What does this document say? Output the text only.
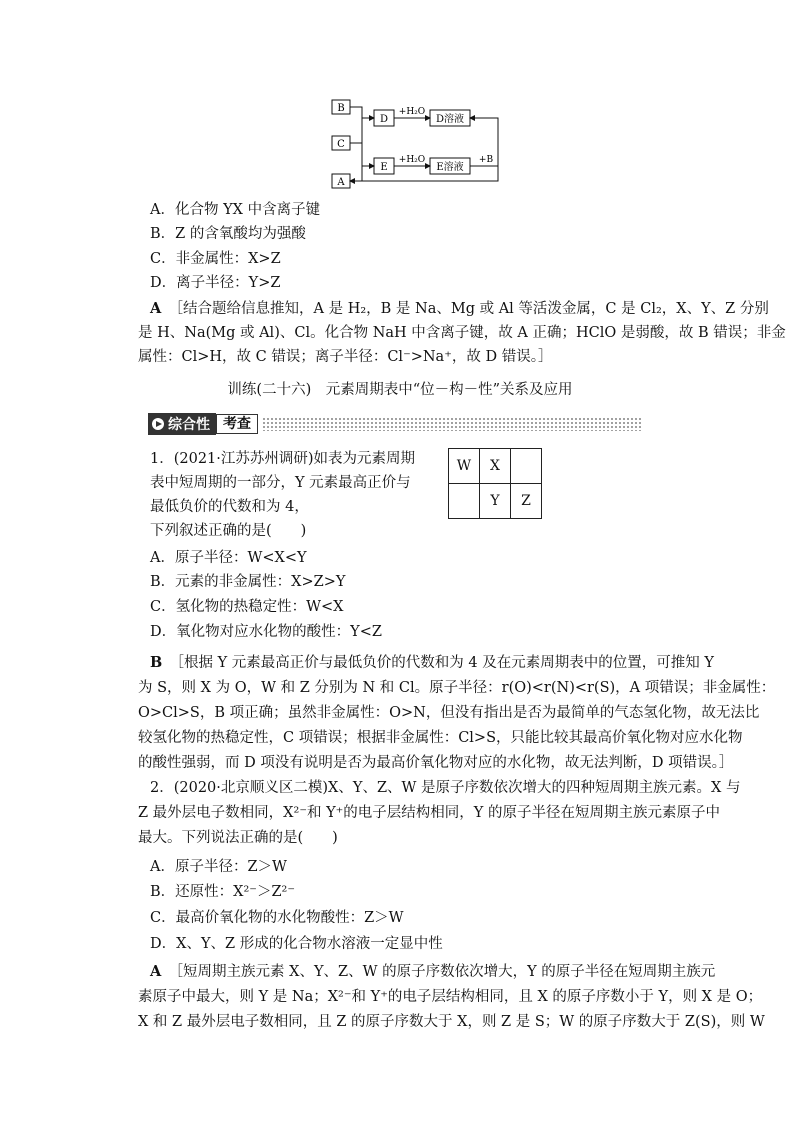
B
C
A
D
E
D溶液
E溶液
+H₂O
+H₂O	+B
A．化合物 YX 中含离子键
B．Z 的含氧酸均为强酸
C．非金属性：X>Z
D．离子半径：Y>Z
A　 ［结合题给信息推知，A 是 H₂，B 是 Na、Mg 或 Al 等活泼金属，C 是 Cl₂，X、Y、Z 分别
是 H、Na(Mg 或 Al)、Cl。化合物 NaH 中含离子键，故 A 正确；HClO 是弱酸，故 B 错误；非金
属性：Cl>H，故 C 错误；离子半径：Cl⁻>Na⁺，故 D 错误。］
训练(二十六)　元素周期表中“位－构－性”关系及应用
综合性 考查
1．(2021·江苏苏州调研)如表为元素周期
表中短周期的一部分，Y 元素最高正价与
最低负价的代数和为 4，
下列叙述正确的是(　　)
W	X	
	Y	Z
A．原子半径：W<X<Y
B．元素的非金属性：X>Z>Y
C．氢化物的热稳定性：W<X
D．氧化物对应水化物的酸性：Y<Z
B　 ［根据 Y 元素最高正价与最低负价的代数和为 4 及在元素周期表中的位置，可推知 Y
为 S，则 X 为 O，W 和 Z 分别为 N 和 Cl。原子半径：r(O)<r(N)<r(S)，A 项错误；非金属性：
O>Cl>S，B 项正确；虽然非金属性：O>N，但没有指出是否为最简单的气态氢化物，故无法比
较氢化物的热稳定性，C 项错误；根据非金属性：Cl>S，只能比较其最高价氧化物对应水化物
的酸性强弱，而 D 项没有说明是否为最高价氧化物对应的水化物，故无法判断，D 项错误。］
2．(2020·北京顺义区二模)X、Y、Z、W 是原子序数依次增大的四种短周期主族元素。X 与
Z 最外层电子数相同，X²⁻和 Y⁺的电子层结构相同，Y 的原子半径在短周期主族元素原子中
最大。下列说法正确的是(　　)
A．原子半径：Z＞W
B．还原性：X²⁻＞Z²⁻
C．最高价氧化物的水化物酸性：Z＞W
D．X、Y、Z 形成的化合物水溶液一定显中性
A　 ［短周期主族元素 X、Y、Z、W 的原子序数依次增大，Y 的原子半径在短周期主族元
素原子中最大，则 Y 是 Na；X²⁻和 Y⁺的电子层结构相同，且 X 的原子序数小于 Y，则 X 是 O；
X 和 Z 最外层电子数相同，且 Z 的原子序数大于 X，则 Z 是 S；W 的原子序数大于 Z(S)，则 W
